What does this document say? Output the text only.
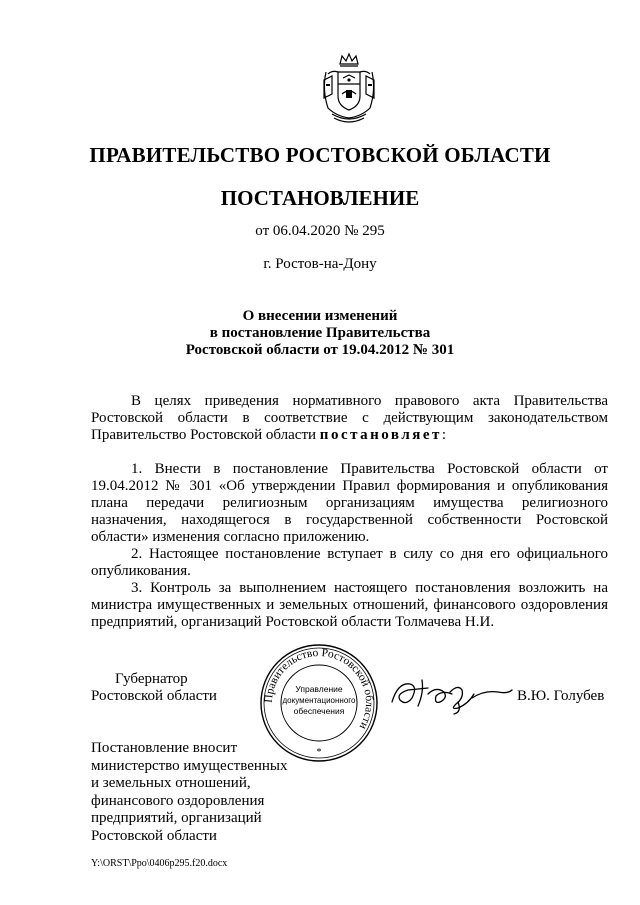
ПРАВИТЕЛЬСТВО РОСТОВСКОЙ ОБЛАСТИ
ПОСТАНОВЛЕНИЕ
от 06.04.2020 № 295
г. Ростов-на-Дону
О внесении изменений
в постановление Правительства
Ростовской области от 19.04.2012 № 301

В целях приведения нормативного правового акта Правительства Ростовской области в соответствие с действующим законодательством Правительство Ростовской области постановляет:

1. Внести в постановление Правительства Ростовской области от 19.04.2012 № 301 «Об утверждении Правил формирования и опубликования плана передачи религиозным организациям имущества религиозного назначения, находящегося в государственной собственности Ростовской области» изменения согласно приложению.

2. Настоящее постановление вступает в силу со дня его официального опубликования.

3. Контроль за выполнением настоящего постановления возложить на министра имущественных и земельных отношений, финансового оздоровления предприятий, организаций Ростовской области Толмачева Н.И.

Губернатор
Ростовской области	Правительство Ростовской области
Управление
документационного
обеспечения
*
В.Ю. Голубев
Постановление вносит
министерство имущественных
и земельных отношений,
финансового оздоровления
предприятий, организаций
Ростовской области
Y:\ORST\Ppo\0406p295.f20.docx
